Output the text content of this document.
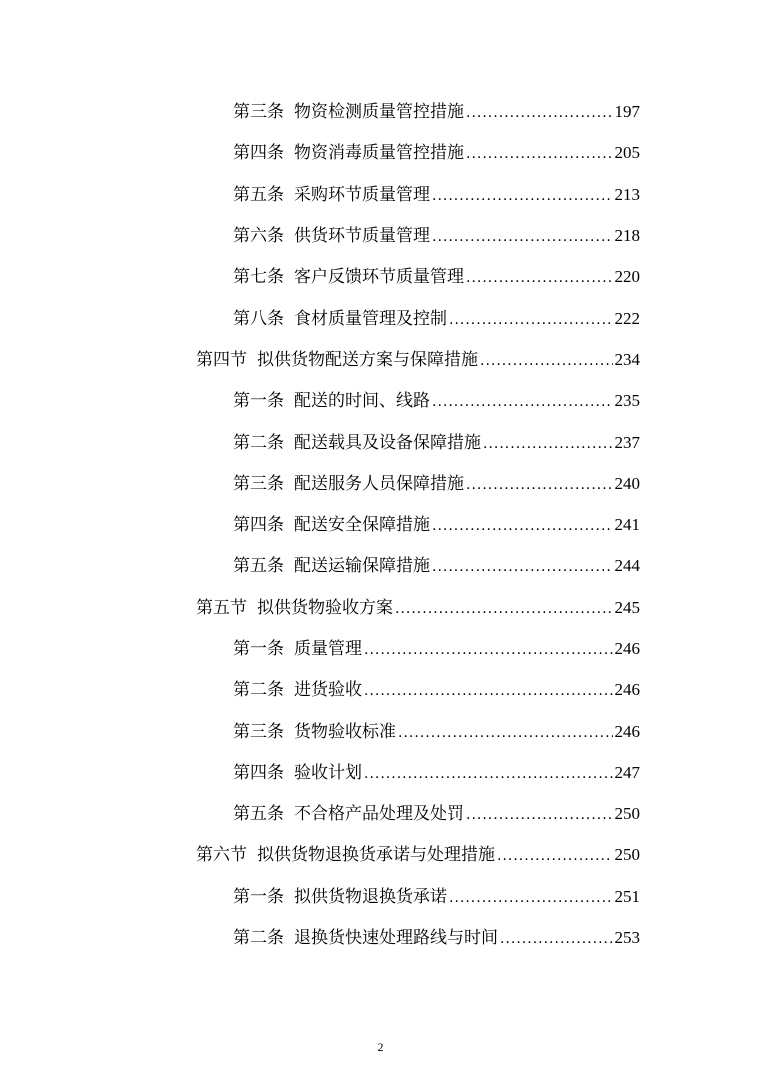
第三条 物资检测质量管控措施 .....	197
第四条 物资消毒质量管控措施 .....	205
第五条 采购环节质量管理 .....	213
第六条 供货环节质量管理 .....	218
第七条 客户反馈环节质量管理 .....	220
第八条 食材质量管理及控制 .....	222
第四节 拟供货物配送方案与保障措施 .....	234
第一条 配送的时间、线路 .....	235
第二条 配送载具及设备保障措施 .....	237
第三条 配送服务人员保障措施 .....	240
第四条 配送安全保障措施 .....	241
第五条 配送运输保障措施 .....	244
第五节 拟供货物验收方案 .....	245
第一条 质量管理 .....	246
第二条 进货验收 .....	246
第三条 货物验收标准 .....	246
第四条 验收计划 .....	247
第五条 不合格产品处理及处罚 .....	250
第六节 拟供货物退换货承诺与处理措施 .....	250
第一条 拟供货物退换货承诺 .....	251
第二条 退换货快速处理路线与时间 .....	253
2
